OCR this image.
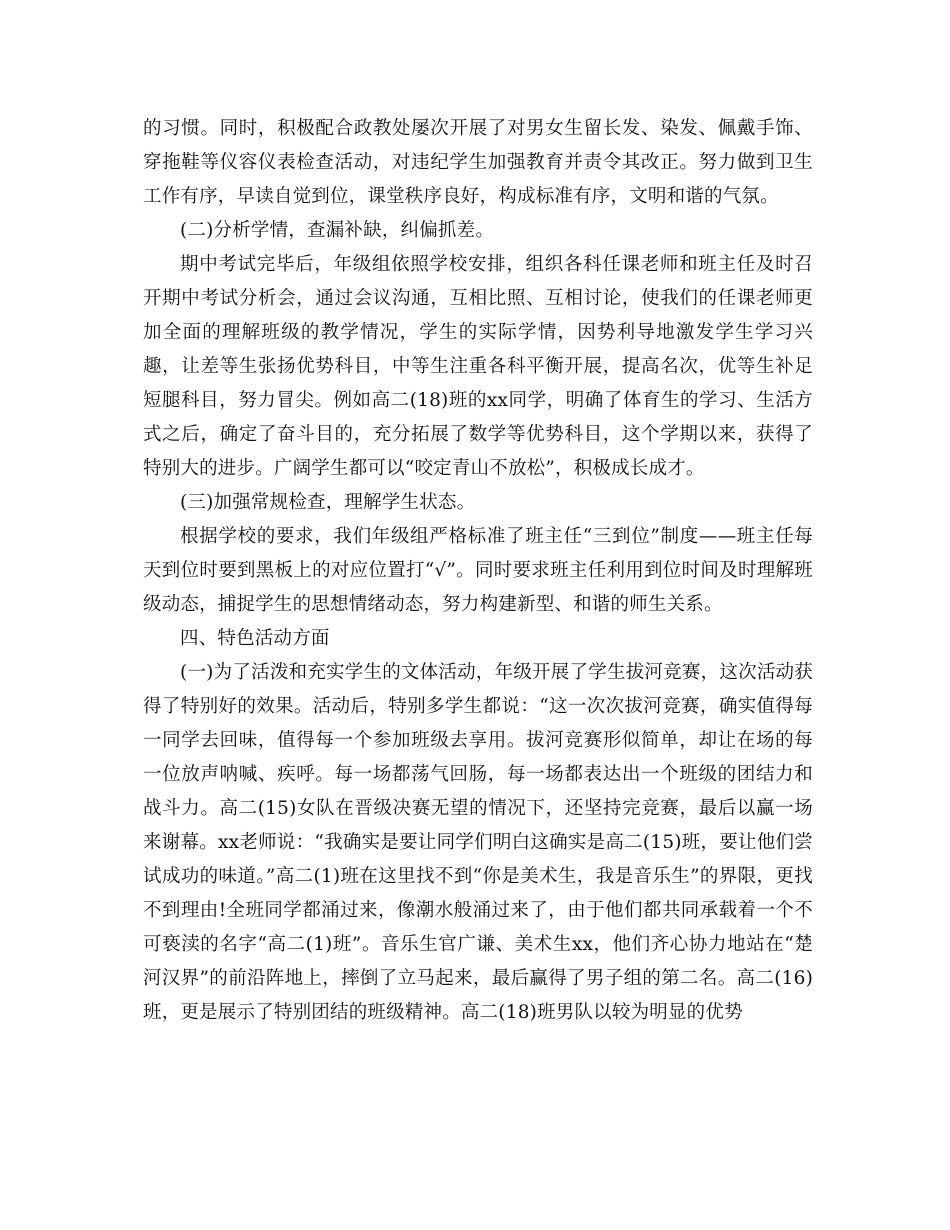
的习惯。同时，积极配合政教处屡次开展了对男女生留长发、染发、佩戴手饰、穿拖鞋等仪容仪表检查活动，对违纪学生加强教育并责令其改正。努力做到卫生工作有序，早读自觉到位，课堂秩序良好，构成标准有序，文明和谐的气氛。

(二)分析学情，查漏补缺，纠偏抓差。

期中考试完毕后，年级组依照学校安排，组织各科任课老师和班主任及时召开期中考试分析会，通过会议沟通，互相比照、互相讨论，使我们的任课老师更加全面的理解班级的教学情况，学生的实际学情，因势利导地激发学生学习兴趣，让差等生张扬优势科目，中等生注重各科平衡开展，提高名次，优等生补足短腿科目，努力冒尖。例如高二(18)班的xx同学，明确了体育生的学习、生活方式之后，确定了奋斗目的，充分拓展了数学等优势科目，这个学期以来，获得了特别大的进步。广阔学生都可以“咬定青山不放松”，积极成长成才。

(三)加强常规检查，理解学生状态。

根据学校的要求，我们年级组严格标准了班主任“三到位”制度——班主任每天到位时要到黑板上的对应位置打“√”。同时要求班主任利用到位时间及时理解班级动态，捕捉学生的思想情绪动态，努力构建新型、和谐的师生关系。

四、特色活动方面

(一)为了活泼和充实学生的文体活动，年级开展了学生拔河竞赛，这次活动获得了特别好的效果。活动后，特别多学生都说：“这一次次拔河竞赛，确实值得每一同学去回味，值得每一个参加班级去享用。拔河竞赛形似简单，却让在场的每一位放声呐喊、疾呼。每一场都荡气回肠，每一场都表达出一个班级的团结力和战斗力。高二(15)女队在晋级决赛无望的情况下，还坚持完竞赛，最后以赢一场来谢幕。xx老师说：“我确实是要让同学们明白这确实是高二(15)班，要让他们尝试成功的味道。”高二(1)班在这里找不到“你是美术生，我是音乐生”的界限，更找不到理由!全班同学都涌过来，像潮水般涌过来了，由于他们都共同承载着一个不可亵渎的名字“高二(1)班”。音乐生官广谦、美术生xx，他们齐心协力地站在“楚河汉界”的前沿阵地上，摔倒了立马起来，最后赢得了男子组的第二名。高二(16)班，更是展示了特别团结的班级精神。高二(18)班男队以较为明显的优势
